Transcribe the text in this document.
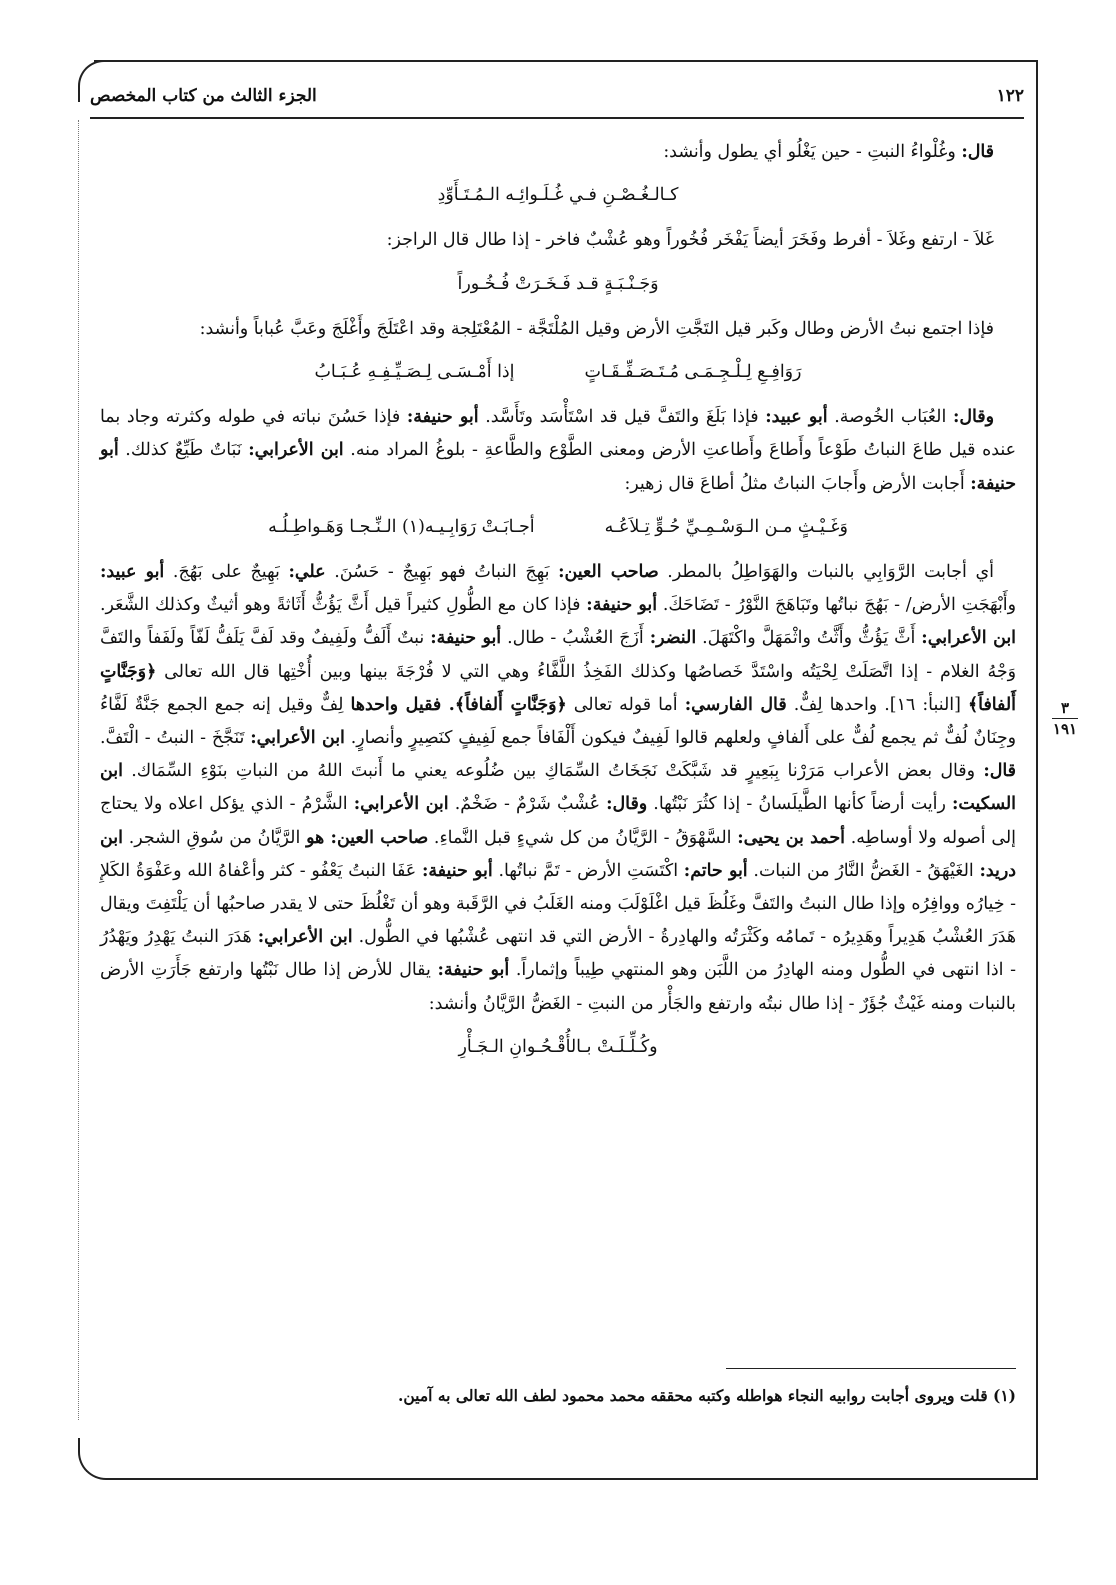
١٢٢
الجزء الثالث من كتاب المخصص
٣
١٩١

قال: وغُلْواءُ النبتِ - حين يَغْلُو أي يطول وأنشد:

كـالـغُـصْـنِ فـي غُـلَـوائِـه الـمُـتَـأَوِّدِ

غَلاَ - ارتفع وغَلاَ - أفرط وفَخَرَ أيضاً يَفْخَر فُخُوراً وهو عُشْبٌ فاخر - إذا طال قال الراجز:

وَجَـنْـبَـةٍ قـد فَـخَـرَتْ فُـخُـوراً

فإذا اجتمع نبتُ الأرض وطال وكَبر قيل التَجَّتِ الأرض وقيل المُلْتَجَّة - المُعْتَلِجة وقد اعْتَلَجَ وأَغْلَجَ وعَبَّ عُباباً وأنشد:

رَوَافِـعِ لِـلْـجِـمَـى مُـتَـصَـفِّـقَـاتٍ
إذا أَمْـسَـى لِـصَـيِّـفِـهِ عُـبَـابُ

وقال: العُبَاب الخُوصة. أبو عبيد: فإذا بَلَغَ والتَفَّ قيل قد اسْتَأْسَد وتَأَسَّد. أبو حنيفة: فإذا حَسُنَ نباته في طوله وكثرته وجاد بما عنده قيل طاعَ النباتُ طَوْعاً وأَطاعَ وأَطاعتِ الأرض ومعنى الطَّوْع والطَّاعةِ - بلوغُ المراد منه. ابن الأعرابي: نَبَاتٌ طَيِّعٌ كذلك. أبو حنيفة: أَجابت الأرض وأَجابَ النباتُ مثلُ أطاعَ قال زهير:

وَغَـيْـثٍ مـن الـوَسْـمِـيِّ حُـوٍّ تِـلاَعُـه
أجـابَـتْ رَوَابِـيـه(١) الـنِّـجـا وَهَـواطِـلُـه

أي أجابت الرَّوَابِي بالنبات والهَوَاطِلُ بالمطر. صاحب العين: بَهِجَ النباتُ فهو بَهِيجٌ - حَسُنَ. علي: بَهِيجٌ على بَهُجَ. أبو عبيد: وأَبْهَجَتِ الأرض/ - بَهُجَ نباتُها وتَبَاهَجَ النَّوْرُ - تَضَاحَكَ. أبو حنيفة: فإذا كان مع الطُّولِ كثيراً قيل أَثَّ يَؤُثُّ أَثَاثةً وهو أثيثٌ وكذلك الشَّعَر. ابن الأعرابي: أَثَّ يَؤُثُّ وأَثَّتُ واثْمَهَلَّ واكْتَهَلَ. النضر: أَزَجَ العُشْبُ - طال. أبو حنيفة: نبتٌ أَلَفُّ ولَفِيفٌ وقد لَفَّ يَلَفُّ لَفّاً ولَفَفاً والتَفَّ وَجْهُ الغلام - إذا اتَّصَلَتْ لِحْيَتُه واسْتَدَّ خَصاصُها وكذلك الفَخِذُ اللَّفَّاءُ وهي التي لا فُرْجَةَ بينها وبين أُخْتِها قال الله تعالى ﴿وَجَنَّاتٍ أَلفافاً﴾ [النبأ: ١٦]. واحدها لِفٌّ. قال الفارسي: أما قوله تعالى ﴿وَجَنَّاتٍ أَلفافاً﴾. فقيل واحدها لِفٌّ وقيل إنه جمع الجمع جَنَّةٌ لَفَّاءُ وجِنَانٌ لُفٌّ ثم يجمع لُفٌّ على أَلفافٍ ولعلهم قالوا لَفِيفٌ فيكون أَلْفَافاً جمع لَفِيفٍ كنَصِيرٍ وأنصارٍ. ابن الأعرابي: تَنَجَّخَ - النبتُ - الْتَفَّ. قال: وقال بعض الأعراب مَرَرْنا بِبَعِيرٍ قد شَبَّكَتْ نَجَخَاتُ السِّمَاكِ بين ضُلُوعه يعني ما أَنبتَ اللهُ من النباتِ بنَوْءِ السِّمَاك. ابن السكيت: رأيت أرضاً كأنها الطَّيلَسانُ - إذا كثُرَ نَبْتُها. وقال: عُشْبٌ شَرْمٌ - ضَخْمٌ. ابن الأعرابي: الشَّرْمُ - الذي يؤكل اعلاه ولا يحتاج إلى أصوله ولا أوساطِه. أحمد بن يحيى: السَّهْوَقُ - الرَّيَّانُ من كل شيءٍ قبل النَّماءِ. صاحب العين: هو الرَّيَّانُ من سُوقِ الشجر. ابن دريد: الغَيْهَقُ - الغَضُّ النَّارُ من النبات. أبو حاتم: اكْتَسَتِ الأرض - تَمَّ نباتُها. أبو حنيفة: عَفَا النبتُ يَعْفُو - كثر وأعْفاهُ الله وعَفْوَةُ الكَلإِ - خِيارُه ووافِرُه وإذا طال النبتُ والتَفَّ وغَلُظَ قيل اغْلَوْلَبَ ومنه الغَلَبُ في الرَّقَبة وهو أن تَغْلُظَ حتى لا يقدر صاحبُها أن يَلْتَفِتَ ويقال هَدَرَ العُشْبُ هَدِيراً وهَدِيرُه - تَمامُه وكَثْرَتُه والهادِرةُ - الأرض التي قد انتهى عُشْبُها في الطُّول. ابن الأعرابي: هَدَرَ النبتُ يَهْدِرُ ويَهْدُرُ - اذا انتهى في الطُّول ومنه الهادِرُ من اللَّبَن وهو المنتهي طِيباً وإثماراً. أبو حنيفة: يقال للأرض إذا طال نَبْتُها وارتفع جَأَرَتِ الأرض بالنبات ومنه غَيْثٌ جُؤَرٌ - إذا طال نبتُه وارتفع والجَأْر من النبتِ - الغَضُّ الرَّيَّانُ وأنشد:

وكُـلِّـلَـتْ بـالأُقْـحُـوانِ الـجَـأْرِ
(١) قلت ويروى أجابت روابيه النجاء هواطله وكتبه محققه محمد محمود لطف الله تعالى به آمين.
